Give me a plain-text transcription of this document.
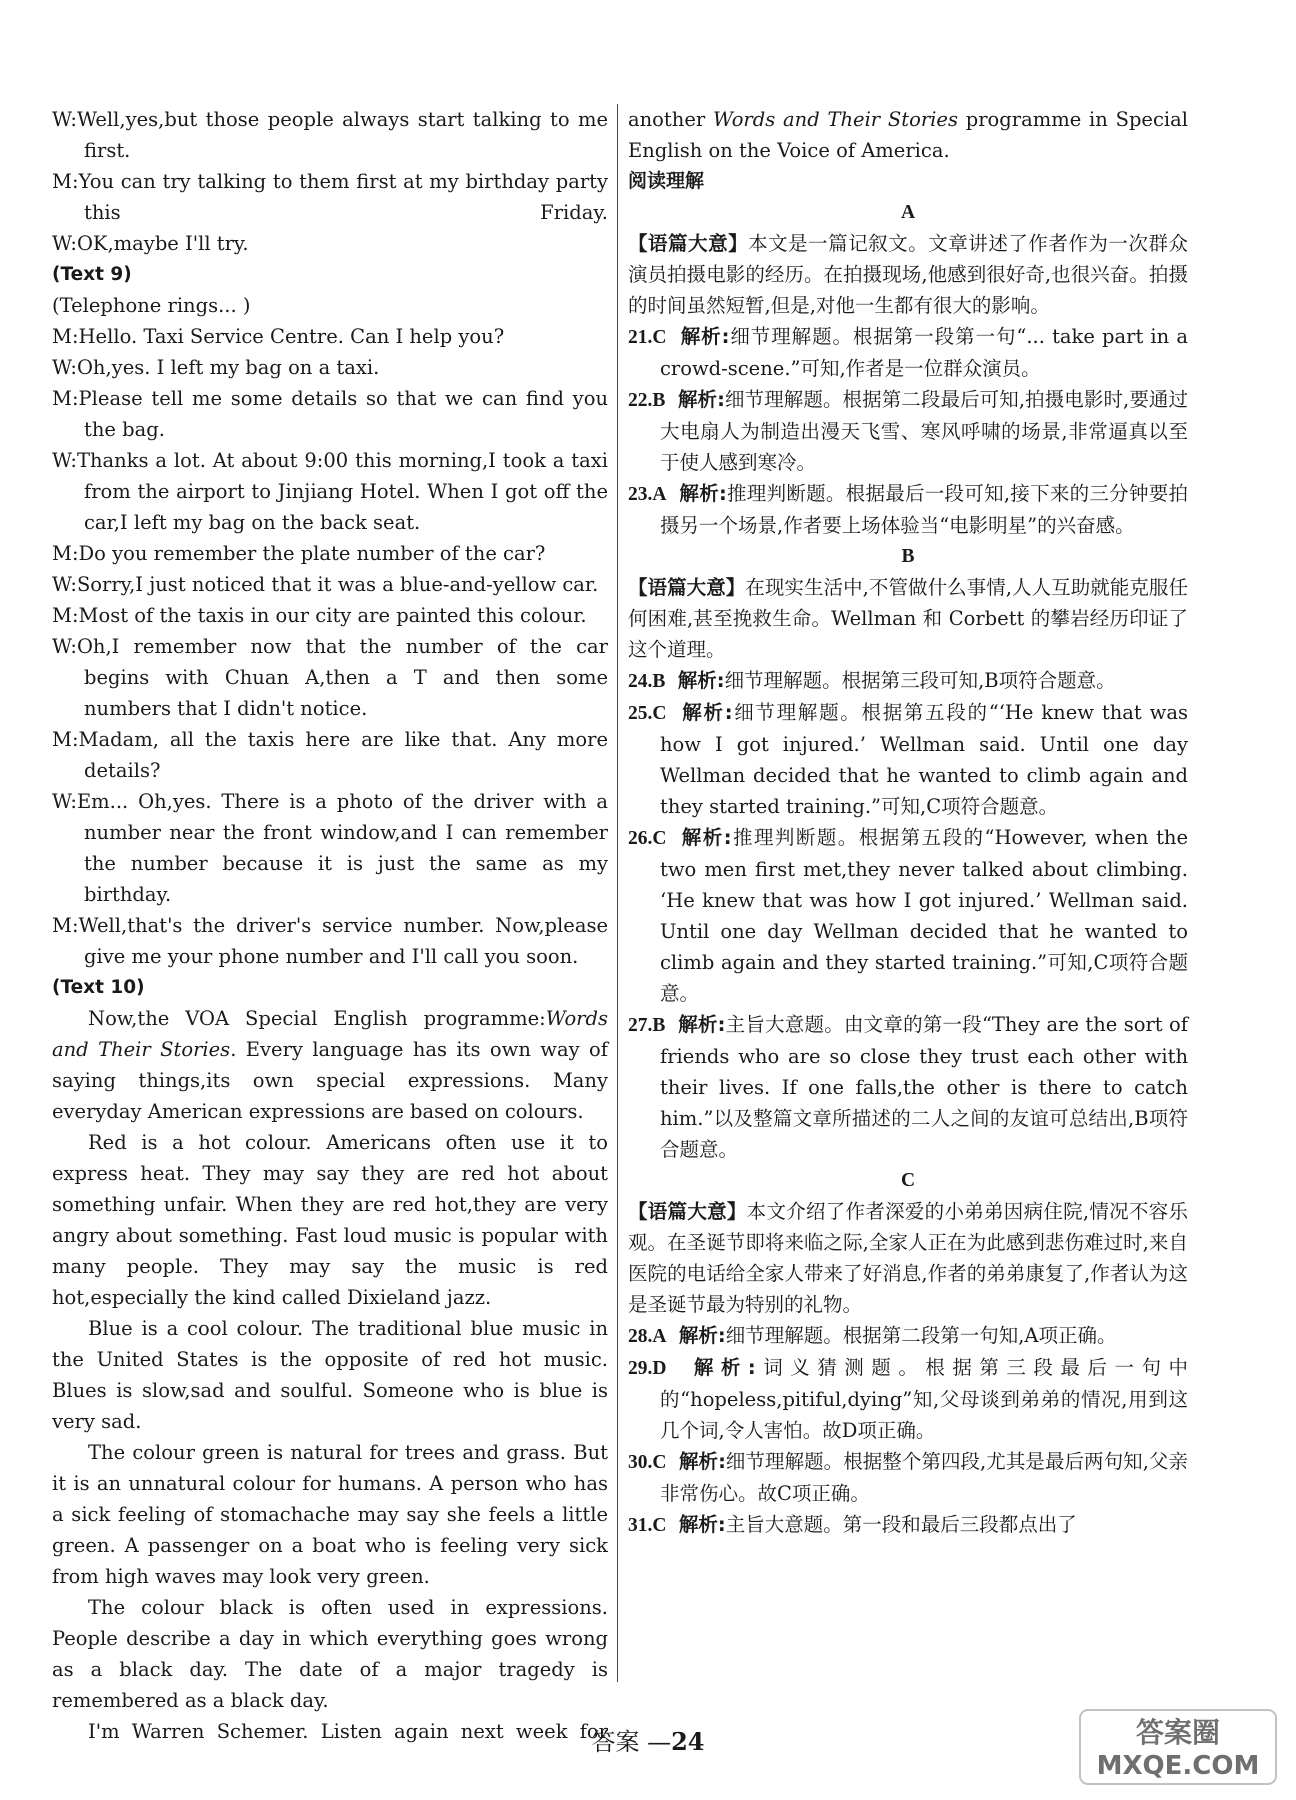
W:Well,yes,but those people always start talking to me first.
M:You can try talking to them first at my birthday party this Friday.
W:OK,maybe I'll try.
(Text 9)
(Telephone rings... )
M:Hello. Taxi Service Centre. Can I help you?
W:Oh,yes. I left my bag on a taxi.
M:Please tell me some details so that we can find you the bag.
W:Thanks a lot. At about 9:00 this morning,I took a taxi from the airport to Jinjiang Hotel. When I got off the car,I left my bag on the back seat.
M:Do you remember the plate number of the car?
W:Sorry,I just noticed that it was a blue-and-yellow car.
M:Most of the taxis in our city are painted this colour.
W:Oh,I remember now that the number of the car begins with Chuan A,then a T and then some numbers that I didn't notice.
M:Madam, all the taxis here are like that. Any more details?
W:Em... Oh,yes. There is a photo of the driver with a number near the front window,and I can remember the number because it is just the same as my birthday.
M:Well,that's the driver's service number. Now,please give me your phone number and I'll call you soon.
(Text 10)
Now,the VOA Special English programme:Words and Their Stories. Every language has its own way of saying things,its own special expressions. Many everyday American expressions are based on colours.
Red is a hot colour. Americans often use it to express heat. They may say they are red hot about something unfair. When they are red hot,they are very angry about something. Fast loud music is popular with many people. They may say the music is red hot,especially the kind called Dixieland jazz.
Blue is a cool colour. The traditional blue music in the United States is the opposite of red hot music. Blues is slow,sad and soulful. Someone who is blue is very sad.
The colour green is natural for trees and grass. But it is an unnatural colour for humans. A person who has a sick feeling of stomachache may say she feels a little green. A passenger on a boat who is feeling very sick from high waves may look very green.
The colour black is often used in expressions. People describe a day in which everything goes wrong as a black day. The date of a major tragedy is remembered as a black day.
I'm Warren Schemer. Listen again next week for
another Words and Their Stories programme in Special English on the Voice of America.
阅读理解
A
【语篇大意】本文是一篇记叙文。文章讲述了作者作为一次群众演员拍摄电影的经历。在拍摄现场,他感到很好奇,也很兴奋。拍摄的时间虽然短暂,但是,对他一生都有很大的影响。
21.C 解析:细节理解题。根据第一段第一句“... take part in a crowd-scene.”可知,作者是一位群众演员。
22.B 解析:细节理解题。根据第二段最后可知,拍摄电影时,要通过大电扇人为制造出漫天飞雪、寒风呼啸的场景,非常逼真以至于使人感到寒冷。
23.A 解析:推理判断题。根据最后一段可知,接下来的三分钟要拍摄另一个场景,作者要上场体验当“电影明星”的兴奋感。
B
【语篇大意】在现实生活中,不管做什么事情,人人互助就能克服任何困难,甚至挽救生命。Wellman 和 Corbett 的攀岩经历印证了这个道理。
24.B 解析:细节理解题。根据第三段可知,B项符合题意。
25.C 解析:细节理解题。根据第五段的“‘He knew that was how I got injured.’ Wellman said. Until one day Wellman decided that he wanted to climb again and they started training.”可知,C项符合题意。
26.C 解析:推理判断题。根据第五段的“However, when the two men first met,they never talked about climbing. ‘He knew that was how I got injured.’ Wellman said. Until one day Wellman decided that he wanted to climb again and they started training.”可知,C项符合题意。
27.B 解析:主旨大意题。由文章的第一段“They are the sort of friends who are so close they trust each other with their lives. If one falls,the other is there to catch him.”以及整篇文章所描述的二人之间的友谊可总结出,B项符合题意。
C
【语篇大意】本文介绍了作者深爱的小弟弟因病住院,情况不容乐观。在圣诞节即将来临之际,全家人正在为此感到悲伤难过时,来自医院的电话给全家人带来了好消息,作者的弟弟康复了,作者认为这是圣诞节最为特别的礼物。
28.A 解析:细节理解题。根据第二段第一句知,A项正确。
29.D 解析:词义猜测题。根据第三段最后一句中的“hopeless,pitiful,dying”知,父母谈到弟弟的情况,用到这几个词,令人害怕。故D项正确。
30.C 解析:细节理解题。根据整个第四段,尤其是最后两句知,父亲非常伤心。故C项正确。
31.C 解析:主旨大意题。第一段和最后三段都点出了
答案 —24	答案圈
MXQE.COM
